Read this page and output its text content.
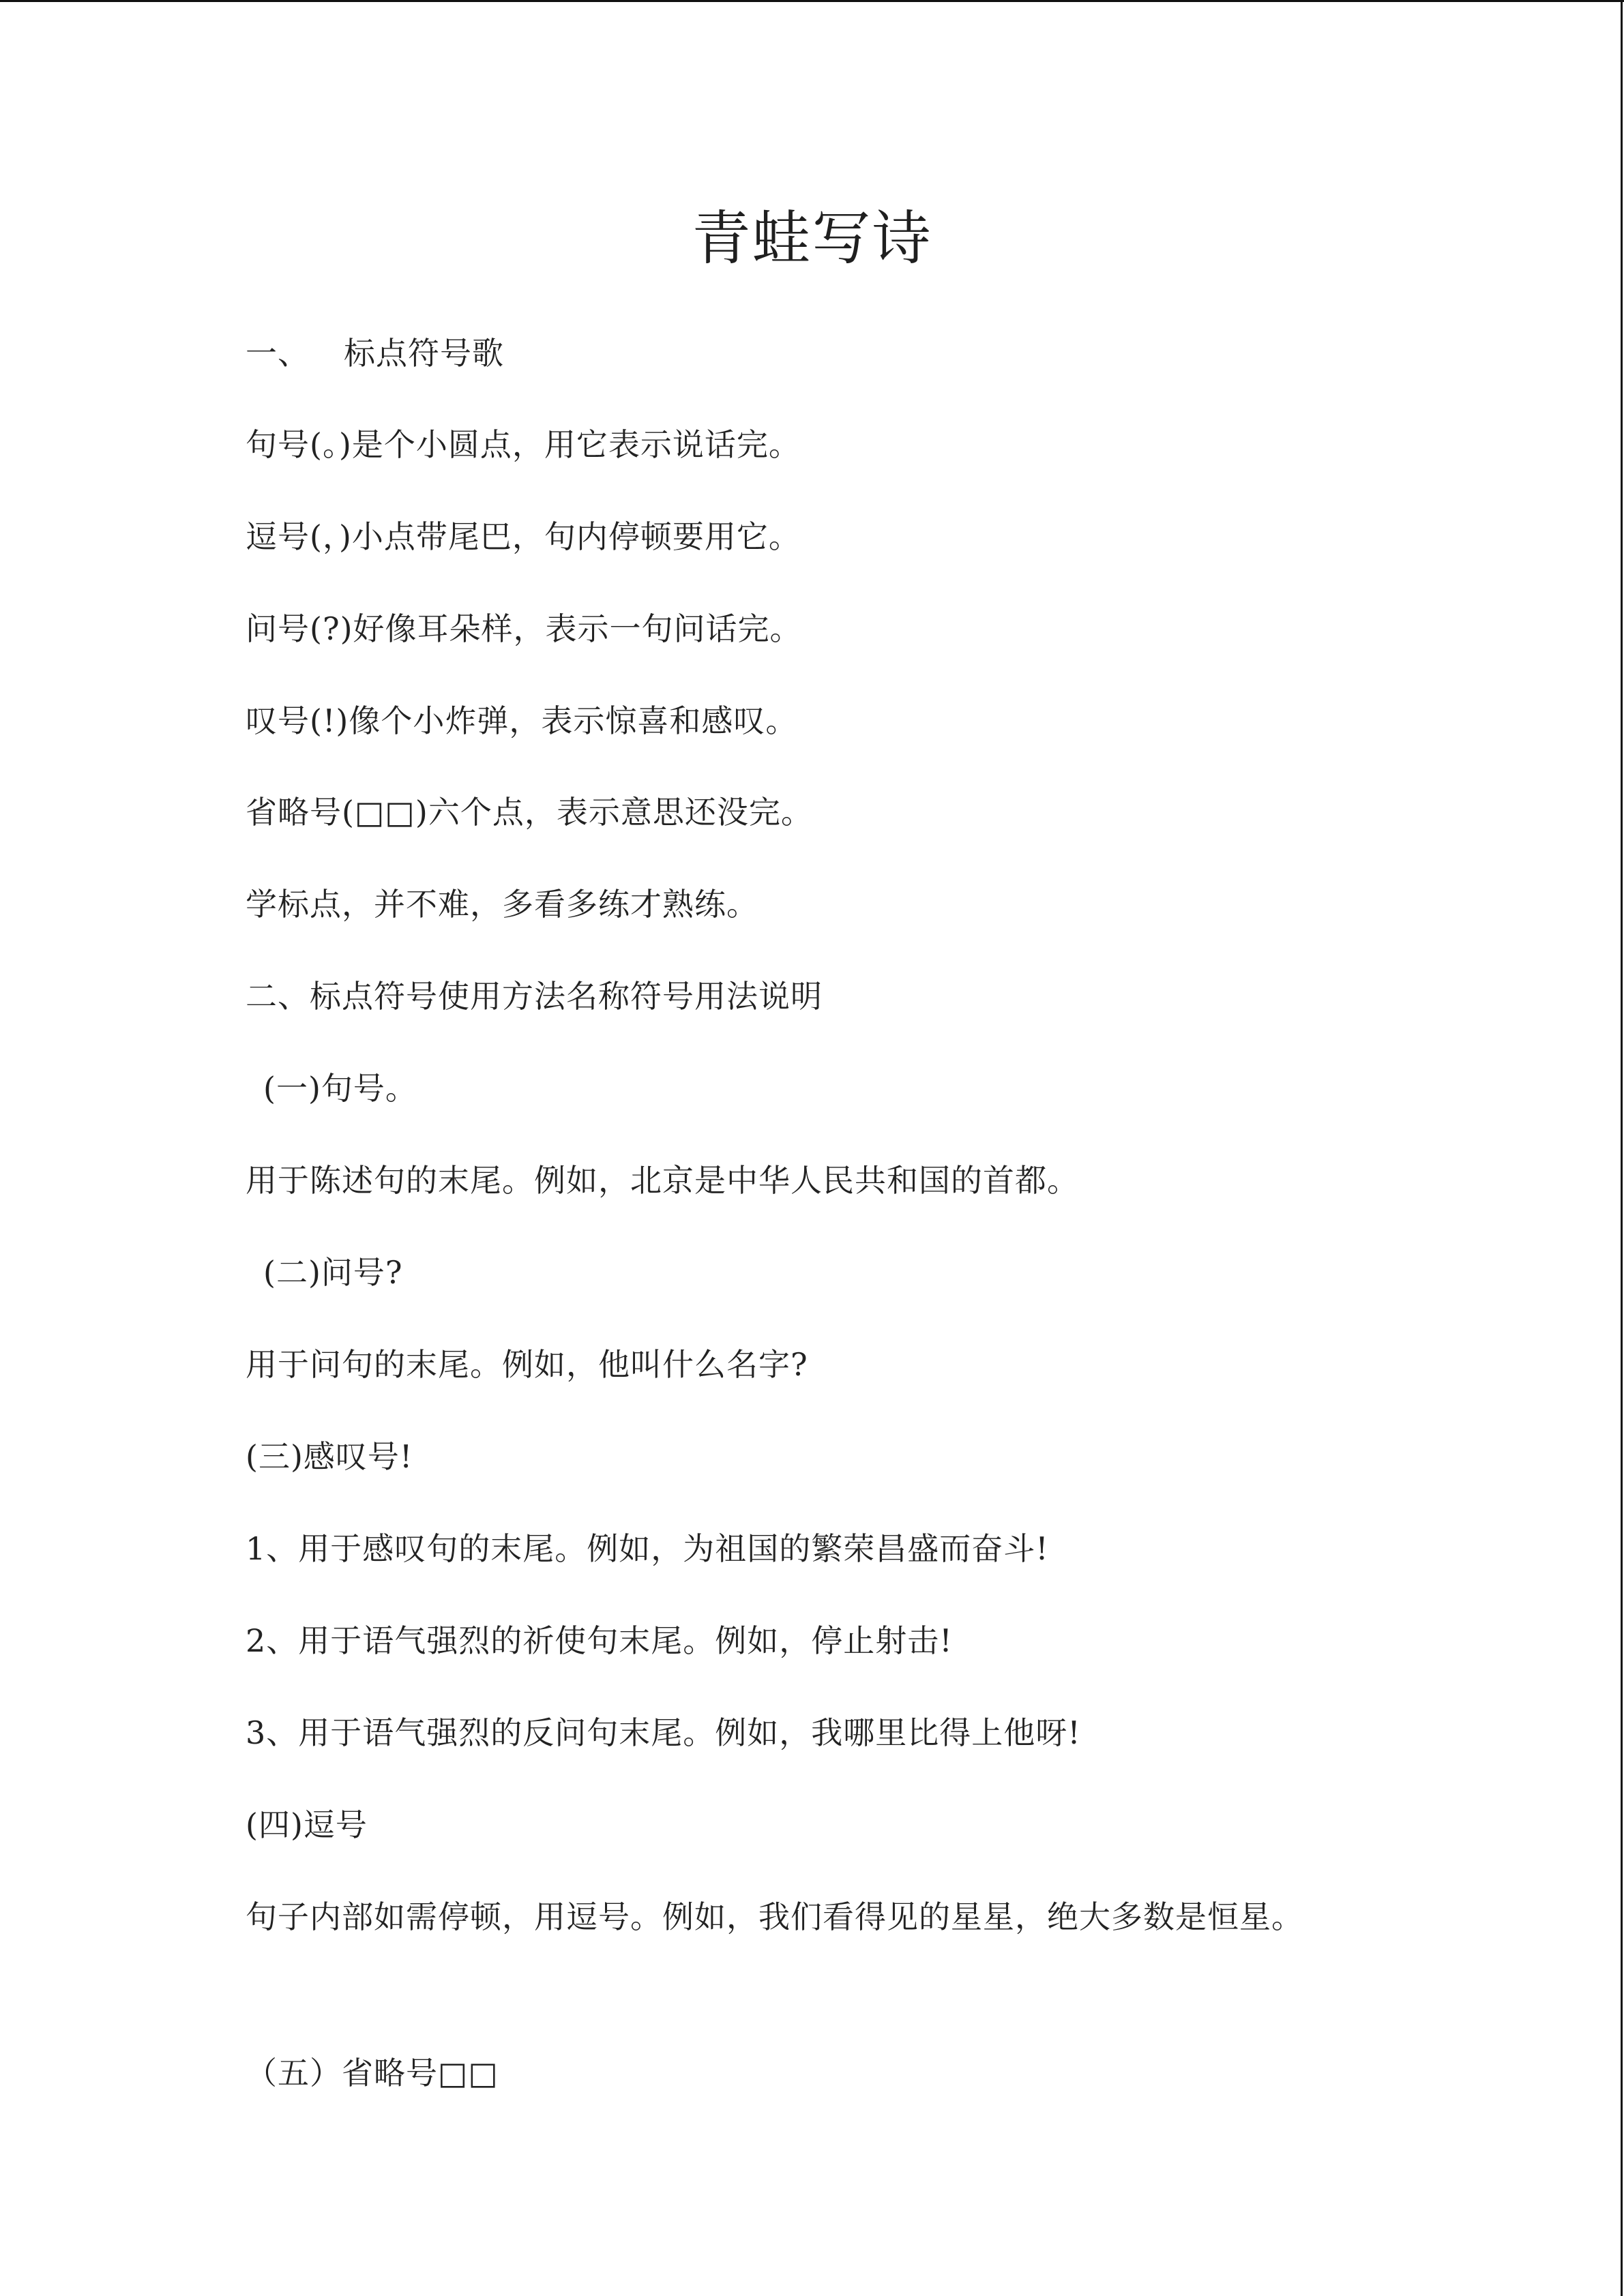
青蛙写诗
一、 标点符号歌
句号(。)是个小圆点，用它表示说话完。
逗号(，)小点带尾巴，句内停顿要用它。
问号(?)好像耳朵样，表示一句问话完。
叹号(!)像个小炸弹，表示惊喜和感叹。
省略号(□□)六个点，表示意思还没完。
学标点，并不难，多看多练才熟练。
二、标点符号使用方法名称符号用法说明
(一)句号。
用于陈述句的末尾。例如，北京是中华人民共和国的首都。
(二)问号?
用于问句的末尾。例如，他叫什么名字?
(三)感叹号!
1、用于感叹句的末尾。例如，为祖国的繁荣昌盛而奋斗!
2、用于语气强烈的祈使句末尾。例如，停止射击!
3、用于语气强烈的反问句末尾。例如，我哪里比得上他呀!
(四)逗号
句子内部如需停顿，用逗号。例如，我们看得见的星星，绝大多数是恒星。
（五）省略号□□
